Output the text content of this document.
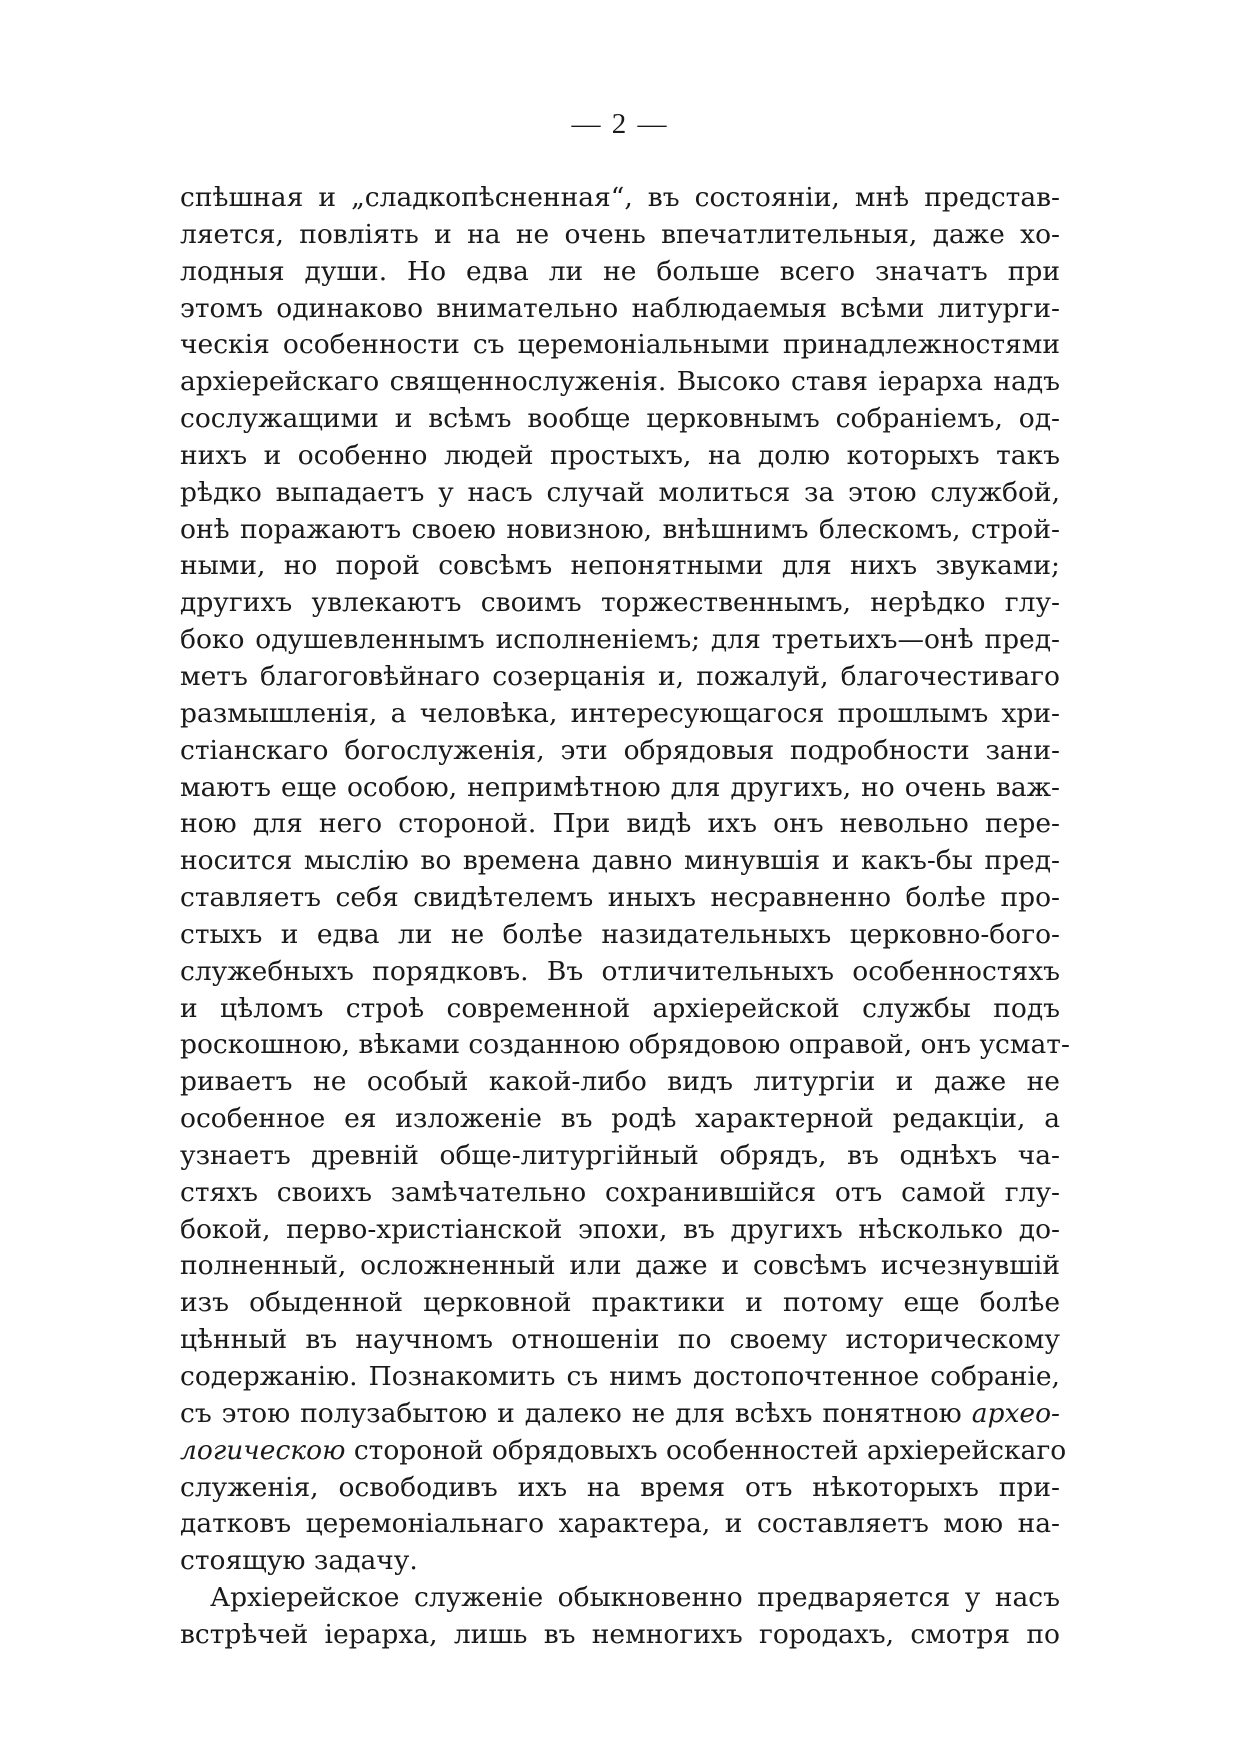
— 2 —
спѣшная и „сладкопѣсненная“, въ состояніи, мнѣ представ-
ляется, повліять и на не очень впечатлительныя, даже хо-
лодныя души. Но едва ли не больше всего значатъ при
этомъ одинаково внимательно наблюдаемыя всѣми литурги-
ческія особенности съ церемоніальными принадлежностями
архіерейскаго священнослуженія. Высоко ставя іерарха надъ
сослужащими и всѣмъ вообще церковнымъ собраніемъ, од-
нихъ и особенно людей простыхъ, на долю которыхъ такъ
рѣдко выпадаетъ у насъ случай молиться за этою службой,
онѣ поражаютъ своею новизною, внѣшнимъ блескомъ, строй-
ными, но порой совсѣмъ непонятными для нихъ звуками;
другихъ увлекаютъ своимъ торжественнымъ, нерѣдко глу-
боко одушевленнымъ исполненіемъ; для третьихъ—онѣ пред-
метъ благоговѣйнаго созерцанія и, пожалуй, благочестиваго
размышленія, а человѣка, интересующагося прошлымъ хри-
стіанскаго богослуженія, эти обрядовыя подробности зани-
маютъ еще особою, непримѣтною для другихъ, но очень важ-
ною для него стороной. При видѣ ихъ онъ невольно пере-
носится мыслію во времена давно минувшія и какъ-бы пред-
ставляетъ себя свидѣтелемъ иныхъ несравненно болѣе про-
стыхъ и едва ли не болѣе назидательныхъ церковно-бого-
служебныхъ порядковъ. Въ отличительныхъ особенностяхъ
и цѣломъ строѣ современной архіерейской службы подъ
роскошною, вѣками созданною обрядовою оправой, онъ усмат-
риваетъ не особый какой-либо видъ литургіи и даже не
особенное ея изложеніе въ родѣ характерной редакціи, а
узнаетъ древній обще-литургійный обрядъ, въ однѣхъ ча-
стяхъ своихъ замѣчательно сохранившійся отъ самой глу-
бокой, перво-христіанской эпохи, въ другихъ нѣсколько до-
полненный, осложненный или даже и совсѣмъ исчезнувшій
изъ обыденной церковной практики и потому еще болѣе
цѣнный въ научномъ отношеніи по своему историческому
содержанію. Познакомить съ нимъ достопочтенное собраніе,
съ этою полузабытою и далеко не для всѣхъ понятною архео-
логическою стороной обрядовыхъ особенностей архіерейскаго
служенія, освободивъ ихъ на время отъ нѣкоторыхъ при-
датковъ церемоніальнаго характера, и составляетъ мою на-
стоящую задачу.
Архіерейское служеніе обыкновенно предваряется у насъ
встрѣчей іерарха, лишь въ немногихъ городахъ, смотря по
